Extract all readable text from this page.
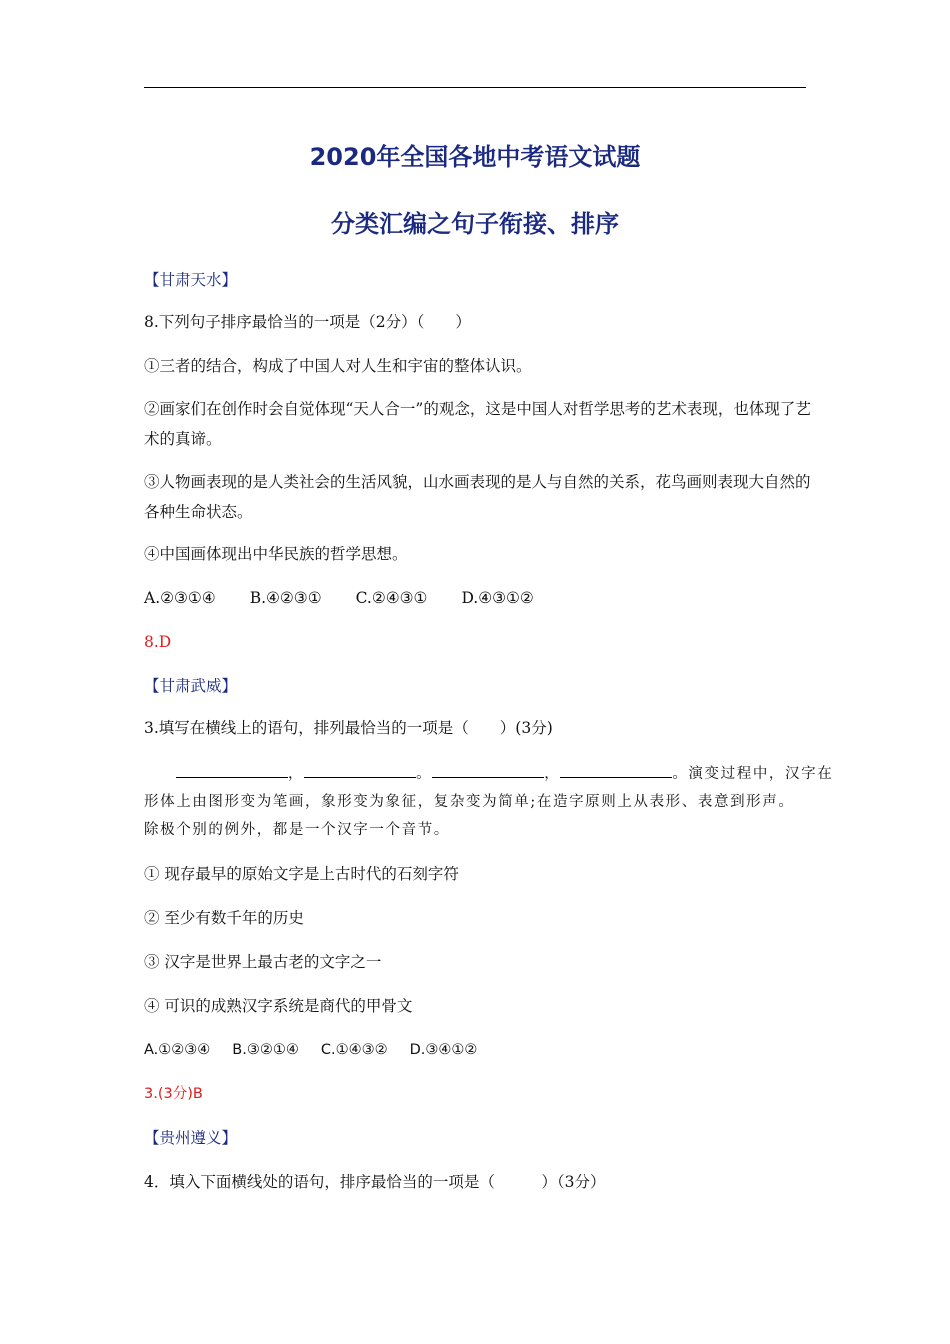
2020年全国各地中考语文试题
分类汇编之句子衔接、排序
【甘肃天水】
8.下列句子排序最恰当的一项是（2分）（　　）
①三者的结合，构成了中国人对人生和宇宙的整体认识。
②画家们在创作时会自觉体现“天人合一”的观念，这是中国人对哲学思考的艺术表现，也体现了艺术的真谛。
③人物画表现的是人类社会的生活风貌，山水画表现的是人与自然的关系，花鸟画则表现大自然的各种生命状态。
④中国画体现出中华民族的哲学思想。
A.②③①④ B.④②③① C.②④③① D.④③①②
8.D
【甘肃武威】
3.填写在横线上的语句，排列最恰当的一项是（　　）(3分)
，	。	，	。演变过程中，汉字在
形体上由图形变为笔画，象形变为象征，复杂变为简单;在造字原则上从表形、表意到形声。
除极个别的例外，都是一个汉字一个音节。
① 现存最早的原始文字是上古时代的石刻字符
② 至少有数千年的历史
③ 汉字是世界上最古老的文字之一
④ 可识的成熟汉字系统是商代的甲骨文
A.①②③④ B.③②①④ C.①④③② D.③④①②
3.(3分)B
【贵州遵义】
4．填入下面横线处的语句，排序最恰当的一项是（　　　）（3分）
